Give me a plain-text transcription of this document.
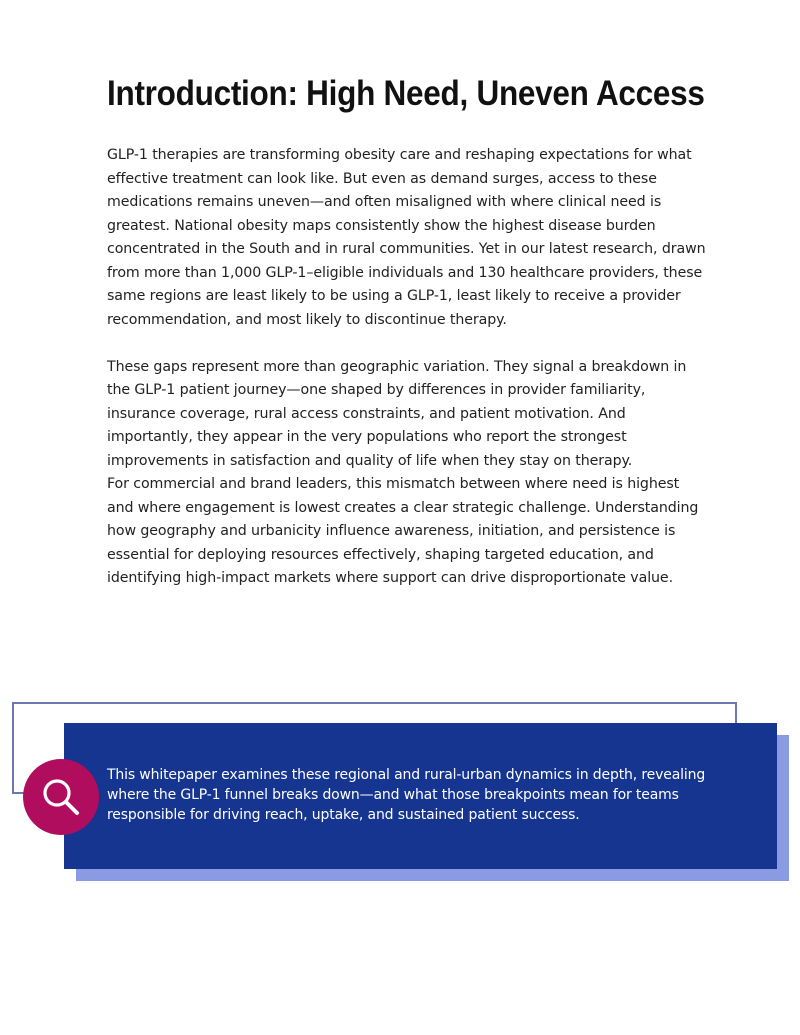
Introduction: High Need, Uneven Access

GLP-1 therapies are transforming obesity care and reshaping expectations for what effective treatment can look like. But even as demand surges, access to these medications remains uneven—and often misaligned with where clinical need is greatest. National obesity maps consistently show the highest disease burden concentrated in the South and in rural communities. Yet in our latest research, drawn from more than 1,000 GLP-1–eligible individuals and 130 healthcare providers, these same regions are least likely to be using a GLP-1, least likely to receive a provider recommendation, and most likely to discontinue therapy.

These gaps represent more than geographic variation. They signal a breakdown in the GLP-1 patient journey—one shaped by differences in provider familiarity, insurance coverage, rural access constraints, and patient motivation. And importantly, they appear in the very populations who report the strongest improvements in satisfaction and quality of life when they stay on therapy.

For commercial and brand leaders, this mismatch between where need is highest and where engagement is lowest creates a clear strategic challenge. Understanding how geography and urbanicity influence awareness, initiation, and persistence is essential for deploying resources effectively, shaping targeted education, and identifying high-impact markets where support can drive disproportionate value.

This whitepaper examines these regional and rural-urban dynamics in depth, revealing where the GLP-1 funnel breaks down—and what those breakpoints mean for teams responsible for driving reach, uptake, and sustained patient success.
